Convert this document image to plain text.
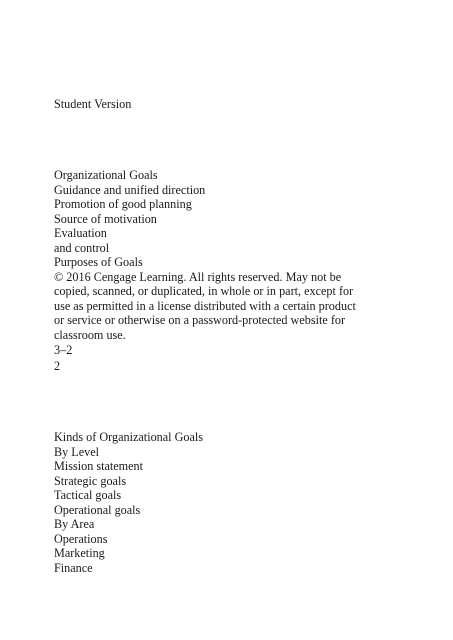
Student Version
Organizational Goals
Guidance and unified direction
Promotion of good planning
Source of motivation
Evaluation
and control
Purposes of Goals
© 2016 Cengage Learning. All rights reserved. May not be
copied, scanned, or duplicated, in whole or in part, except for
use as permitted in a license distributed with a certain product
or service or otherwise on a password-protected website for
classroom use.
3–2
2
Kinds of Organizational Goals
By Level
Mission statement
Strategic goals
Tactical goals
Operational goals
By Area
Operations
Marketing
Finance
